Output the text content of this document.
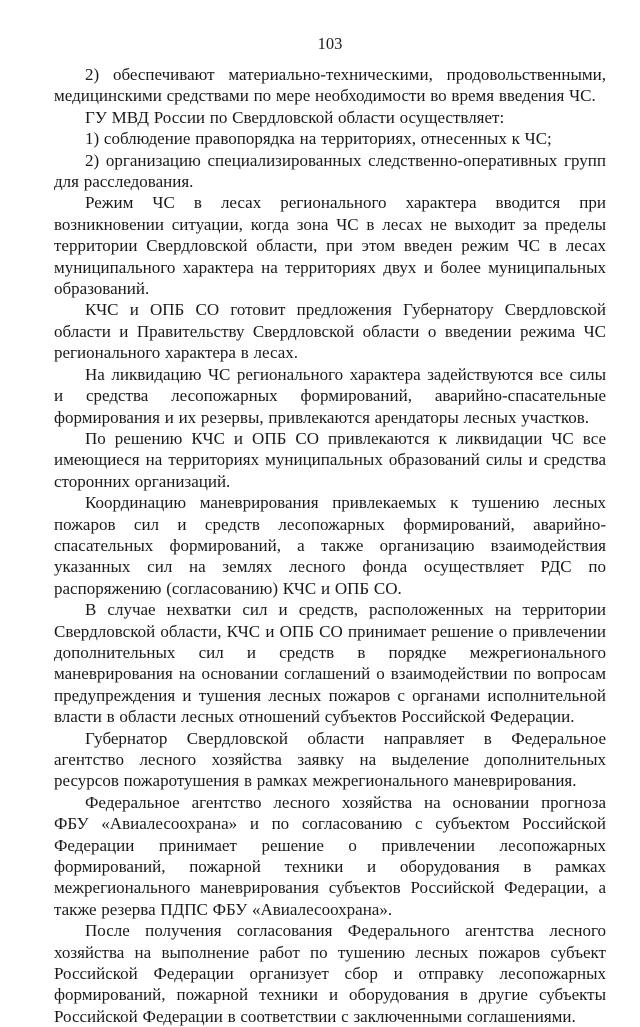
103

2) обеспечивают материально-техническими, продовольственными, медицинскими средствами по мере необходимости во время введения ЧС.

ГУ МВД России по Свердловской области осуществляет:

1) соблюдение правопорядка на территориях, отнесенных к ЧС;

2) организацию специализированных следственно-оперативных групп для расследования.

Режим ЧС в лесах регионального характера вводится при возникновении ситуации, когда зона ЧС в лесах не выходит за пределы территории Свердловской области, при этом введен режим ЧС в лесах муниципального характера на территориях двух и более муниципальных образований.

КЧС и ОПБ СО готовит предложения Губернатору Свердловской области и Правительству Свердловской области о введении режима ЧС регионального характера в лесах.

На ликвидацию ЧС регионального характера задействуются все силы и средства лесопожарных формирований, аварийно-спасательные формирования и их резервы, привлекаются арендаторы лесных участков.

По решению КЧС и ОПБ СО привлекаются к ликвидации ЧС все имеющиеся на территориях муниципальных образований силы и средства сторонних организаций.

Координацию маневрирования привлекаемых к тушению лесных пожаров сил и средств лесопожарных формирований, аварийно-спасательных формирований, а также организацию взаимодействия указанных сил на землях лесного фонда осуществляет РДС по распоряжению (согласованию) КЧС и ОПБ СО.

В случае нехватки сил и средств, расположенных на территории Свердловской области, КЧС и ОПБ СО принимает решение о привлечении дополнительных сил и средств в порядке межрегионального маневрирования на основании соглашений о взаимодействии по вопросам предупреждения и тушения лесных пожаров с органами исполнительной власти в области лесных отношений субъектов Российской Федерации.

Губернатор Свердловской области направляет в Федеральное агентство лесного хозяйства заявку на выделение дополнительных ресурсов пожаротушения в рамках межрегионального маневрирования.

Федеральное агентство лесного хозяйства на основании прогноза ФБУ «Авиалесоохрана» и по согласованию с субъектом Российской Федерации принимает решение о привлечении лесопожарных формирований, пожарной техники и оборудования в рамках межрегионального маневрирования субъектов Российской Федерации, а также резерва ПДПС ФБУ «Авиалесоохрана».

После получения согласования Федерального агентства лесного хозяйства на выполнение работ по тушению лесных пожаров субъект Российской Федерации организует сбор и отправку лесопожарных формирований, пожарной техники и оборудования в другие субъекты Российской Федерации в соответствии с заключенными соглашениями.
